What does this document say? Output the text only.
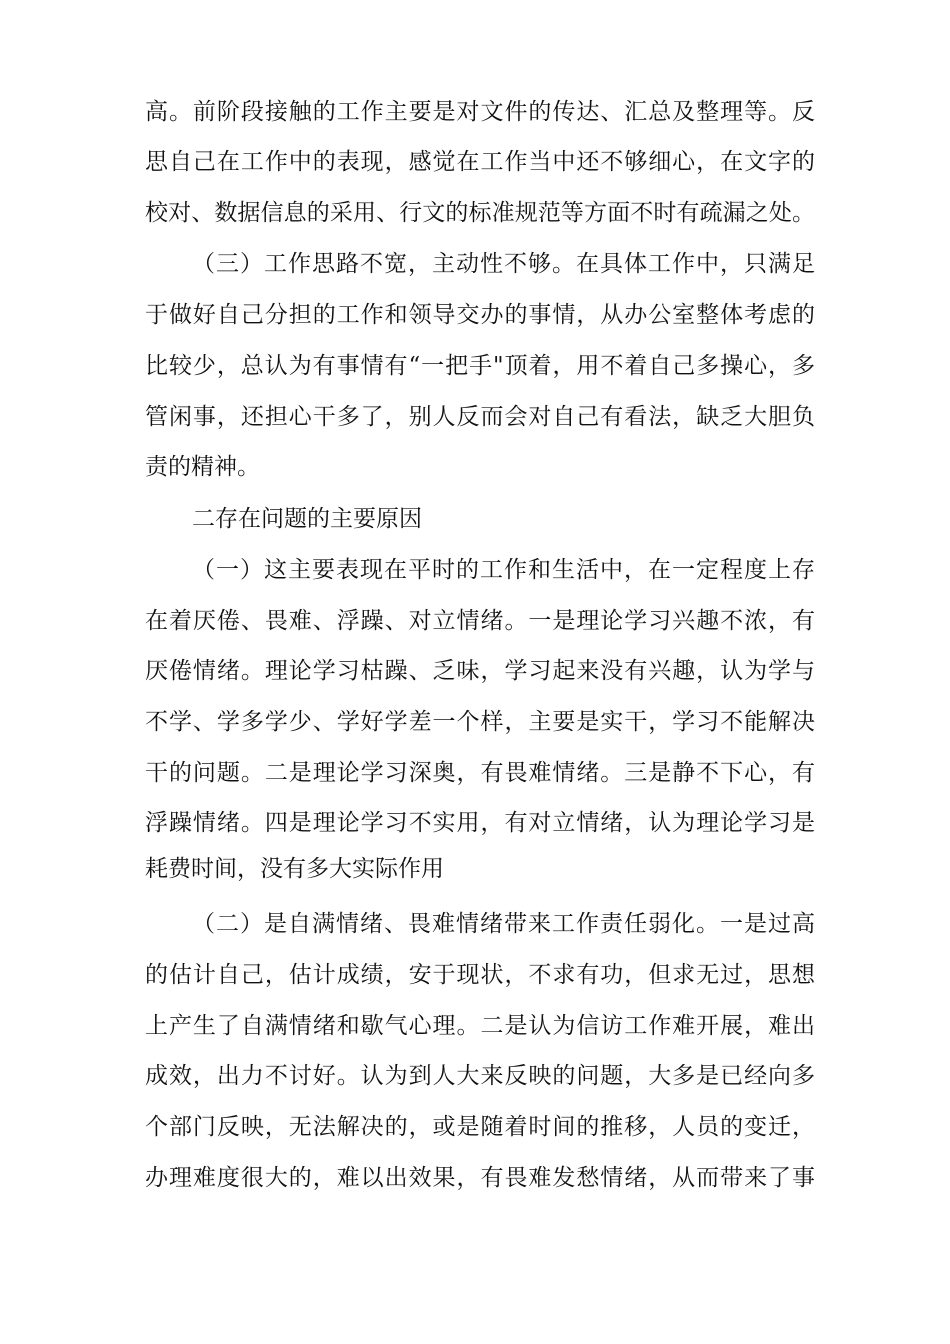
高。前阶段接触的工作主要是对文件的传达、汇总及整理等。反
思自己在工作中的表现，感觉在工作当中还不够细心，在文字的
校对、数据信息的采用、行文的标准规范等方面不时有疏漏之处。
（三）工作思路不宽，主动性不够。在具体工作中，只满足
于做好自己分担的工作和领导交办的事情，从办公室整体考虑的
比较少，总认为有事情有“一把手"顶着，用不着自己多操心，多
管闲事，还担心干多了，别人反而会对自己有看法，缺乏大胆负
责的精神。
二存在问题的主要原因
（一）这主要表现在平时的工作和生活中，在一定程度上存
在着厌倦、畏难、浮躁、对立情绪。一是理论学习兴趣不浓，有
厌倦情绪。理论学习枯躁、乏味，学习起来没有兴趣，认为学与
不学、学多学少、学好学差一个样，主要是实干，学习不能解决
干的问题。二是理论学习深奥，有畏难情绪。三是静不下心，有
浮躁情绪。四是理论学习不实用，有对立情绪，认为理论学习是
耗费时间，没有多大实际作用
（二）是自满情绪、畏难情绪带来工作责任弱化。一是过高
的估计自己，估计成绩，安于现状，不求有功，但求无过，思想
上产生了自满情绪和歇气心理。二是认为信访工作难开展，难出
成效，出力不讨好。认为到人大来反映的问题，大多是已经向多
个部门反映，无法解决的，或是随着时间的推移，人员的变迁，
办理难度很大的，难以出效果，有畏难发愁情绪，从而带来了事
